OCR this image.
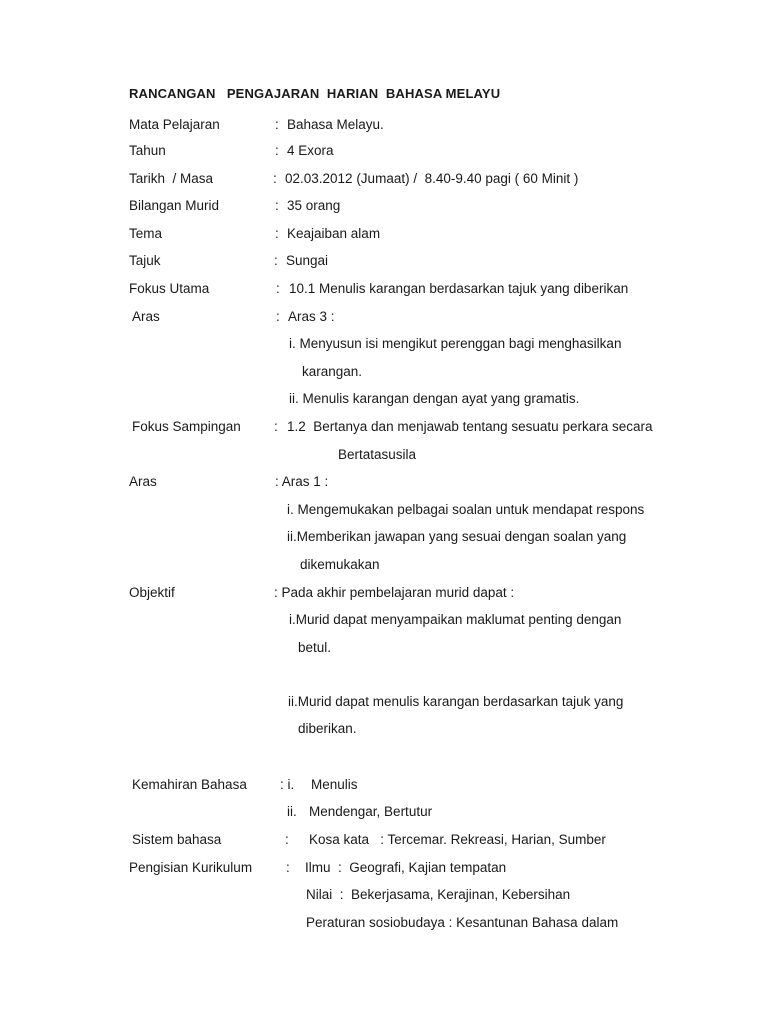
RANCANGAN   PENGAJARAN  HARIAN  BAHASA MELAYU
Mata Pelajaran	: Bahasa Melayu.
Tahun	: 4 Exora
Tarikh  / Masa	: 02.03.2012 (Jumaat) /  8.40-9.40 pagi ( 60 Minit )
Bilangan Murid	: 35 orang
Tema	: Keajaiban alam
Tajuk	: Sungai
Fokus Utama	: 10.1 Menulis karangan berdasarkan tajuk yang diberikan
Aras	: Aras 3 :
i. Menyusun isi mengikut perenggan bagi menghasilkan
karangan.
ii. Menulis karangan dengan ayat yang gramatis.
Fokus Sampingan : 1.2  Bertanya dan menjawab tentang sesuatu perkara secara
Bertatasusila
Aras	: Aras 1 :
i. Mengemukakan pelbagai soalan untuk mendapat respons
ii.Memberikan jawapan yang sesuai dengan soalan yang
dikemukakan
Objektif	: Pada akhir pembelajaran murid dapat :
i.Murid dapat menyampaikan maklumat penting dengan
betul.
ii.Murid dapat menulis karangan berdasarkan tajuk yang
diberikan.
Kemahiran Bahasa : i. Menulis
ii. Mendengar, Bertutur
Sistem bahasa	: Kosa kata   : Tercemar. Rekreasi, Harian, Sumber
Pengisian Kurikulum	: Ilmu  :  Geografi, Kajian tempatan
Nilai  :  Bekerjasama, Kerajinan, Kebersihan
Peraturan sosiobudaya : Kesantunan Bahasa dalam
